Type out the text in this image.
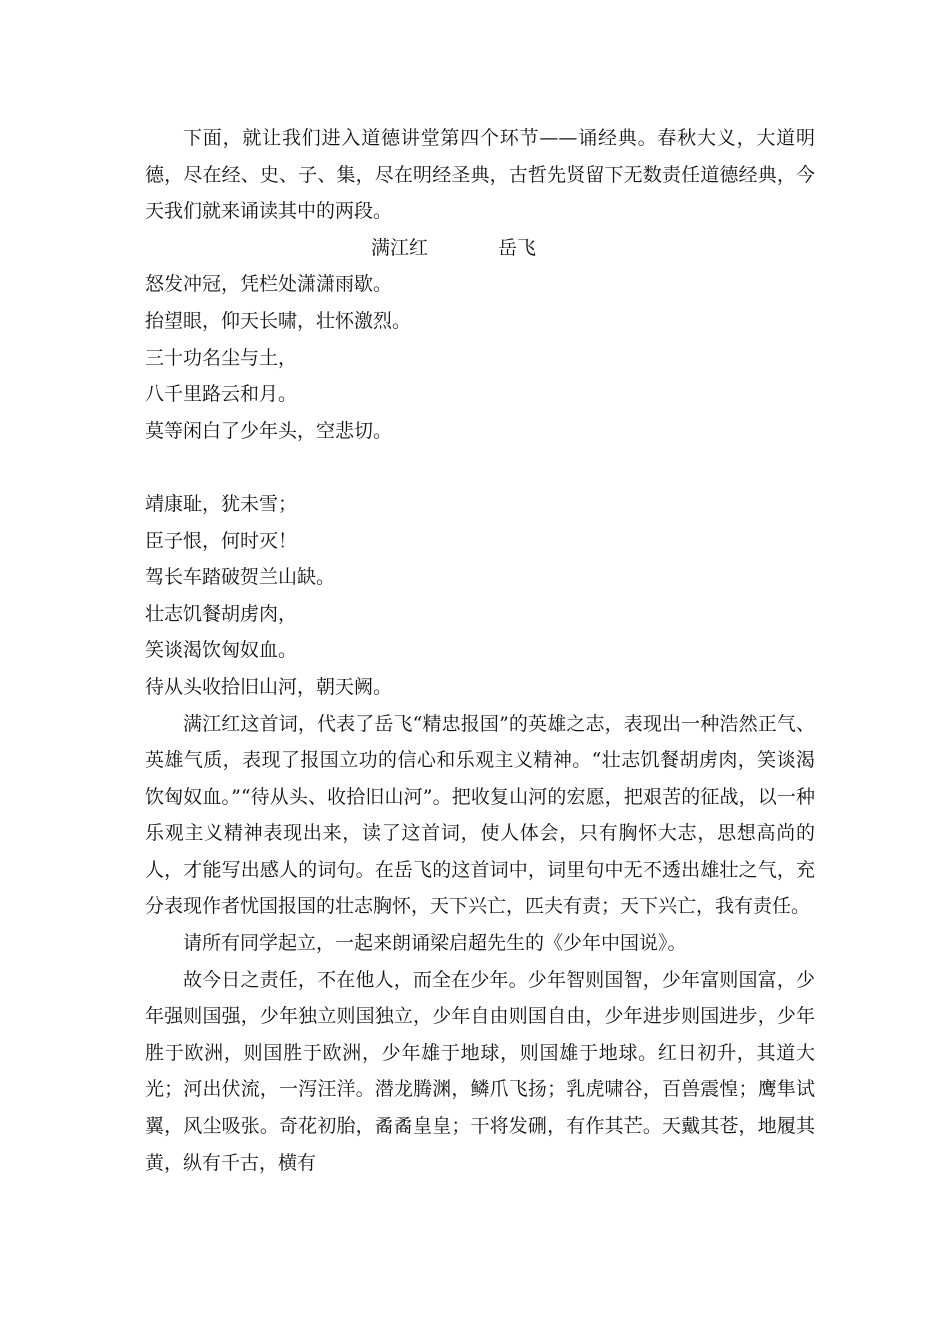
下面，就让我们进入道德讲堂第四个环节——诵经典。春秋大义，大道明德，尽在经、史、子、集，尽在明经圣典，古哲先贤留下无数责任道德经典，今天我们就来诵读其中的两段。

满江红	岳飞

怒发冲冠，凭栏处潇潇雨歇。

抬望眼，仰天长啸，壮怀激烈。

三十功名尘与土，

八千里路云和月。

莫等闲白了少年头，空悲切。

靖康耻，犹未雪；

臣子恨，何时灭！

驾长车踏破贺兰山缺。

壮志饥餐胡虏肉，

笑谈渴饮匈奴血。

待从头收拾旧山河，朝天阙。

满江红这首词，代表了岳飞“精忠报国”的英雄之志，表现出一种浩然正气、英雄气质，表现了报国立功的信心和乐观主义精神。“壮志饥餐胡虏肉，笑谈渴饮匈奴血。”“待从头、收拾旧山河”。把收复山河的宏愿，把艰苦的征战，以一种乐观主义精神表现出来，读了这首词，使人体会，只有胸怀大志，思想高尚的人，才能写出感人的词句。在岳飞的这首词中，词里句中无不透出雄壮之气，充分表现作者忧国报国的壮志胸怀，天下兴亡，匹夫有责；天下兴亡，我有责任。

请所有同学起立，一起来朗诵梁启超先生的《少年中国说》。

故今日之责任，不在他人，而全在少年。少年智则国智，少年富则国富，少年强则国强，少年独立则国独立，少年自由则国自由，少年进步则国进步，少年胜于欧洲，则国胜于欧洲，少年雄于地球，则国雄于地球。红日初升，其道大光；河出伏流，一泻汪洋。潜龙腾渊，鳞爪飞扬；乳虎啸谷，百兽震惶；鹰隼试翼，风尘吸张。奇花初胎，矞矞皇皇；干将发硎，有作其芒。天戴其苍，地履其黄，纵有千古，横有
